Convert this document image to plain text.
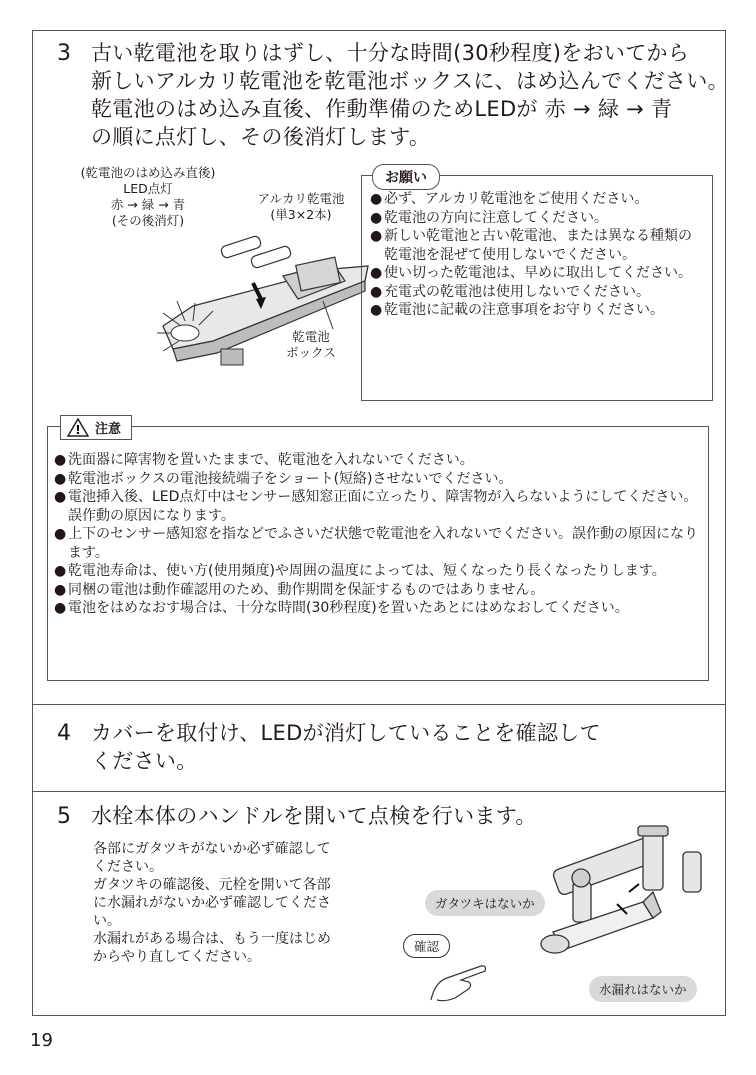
3 古い乾電池を取りはずし、十分な時間(30秒程度)をおいてから
新しいアルカリ乾電池を乾電池ボックスに、はめ込んでください。
乾電池のはめ込み直後、作動準備のためLEDが 赤 → 緑 → 青
の順に点灯し、その後消灯します。
(乾電池のはめ込み直後)
LED点灯
赤 → 緑 → 青
(その後消灯)
アルカリ乾電池
(単3×2本)
乾電池
ボックス
お願い
● 必ず、アルカリ乾電池をご使用ください。
● 乾電池の方向に注意してください。
● 新しい乾電池と古い乾電池、または異なる種類の乾電池を混ぜて使用しないでください。
● 使い切った乾電池は、早めに取出してください。
● 充電式の乾電池は使用しないでください。
● 乾電池に記載の注意事項をお守りください。
! 注意
● 洗面器に障害物を置いたままで、乾電池を入れないでください。
● 乾電池ボックスの電池接続端子をショート(短絡)させないでください。
● 電池挿入後、LED点灯中はセンサー感知窓正面に立ったり、障害物が入らないようにしてください。誤作動の原因になります。
● 上下のセンサー感知窓を指などでふさいだ状態で乾電池を入れないでください。誤作動の原因になります。
● 乾電池寿命は、使い方(使用頻度)や周囲の温度によっては、短くなったり長くなったりします。
● 同梱の電池は動作確認用のため、動作期間を保証するものではありません。
● 電池をはめなおす場合は、十分な時間(30秒程度)を置いたあとにはめなおしてください。
4 カバーを取付け、LEDが消灯していることを確認して
ください。
5 水栓本体のハンドルを開いて点検を行います。
各部にガタツキがないか必ず確認して
ください。
ガタツキの確認後、元栓を開いて各部
に水漏れがないか必ず確認してくださ
い。
水漏れがある場合は、もう一度はじめ
からやり直してください。
ガタツキはないか
確認
水漏れはないか
19
